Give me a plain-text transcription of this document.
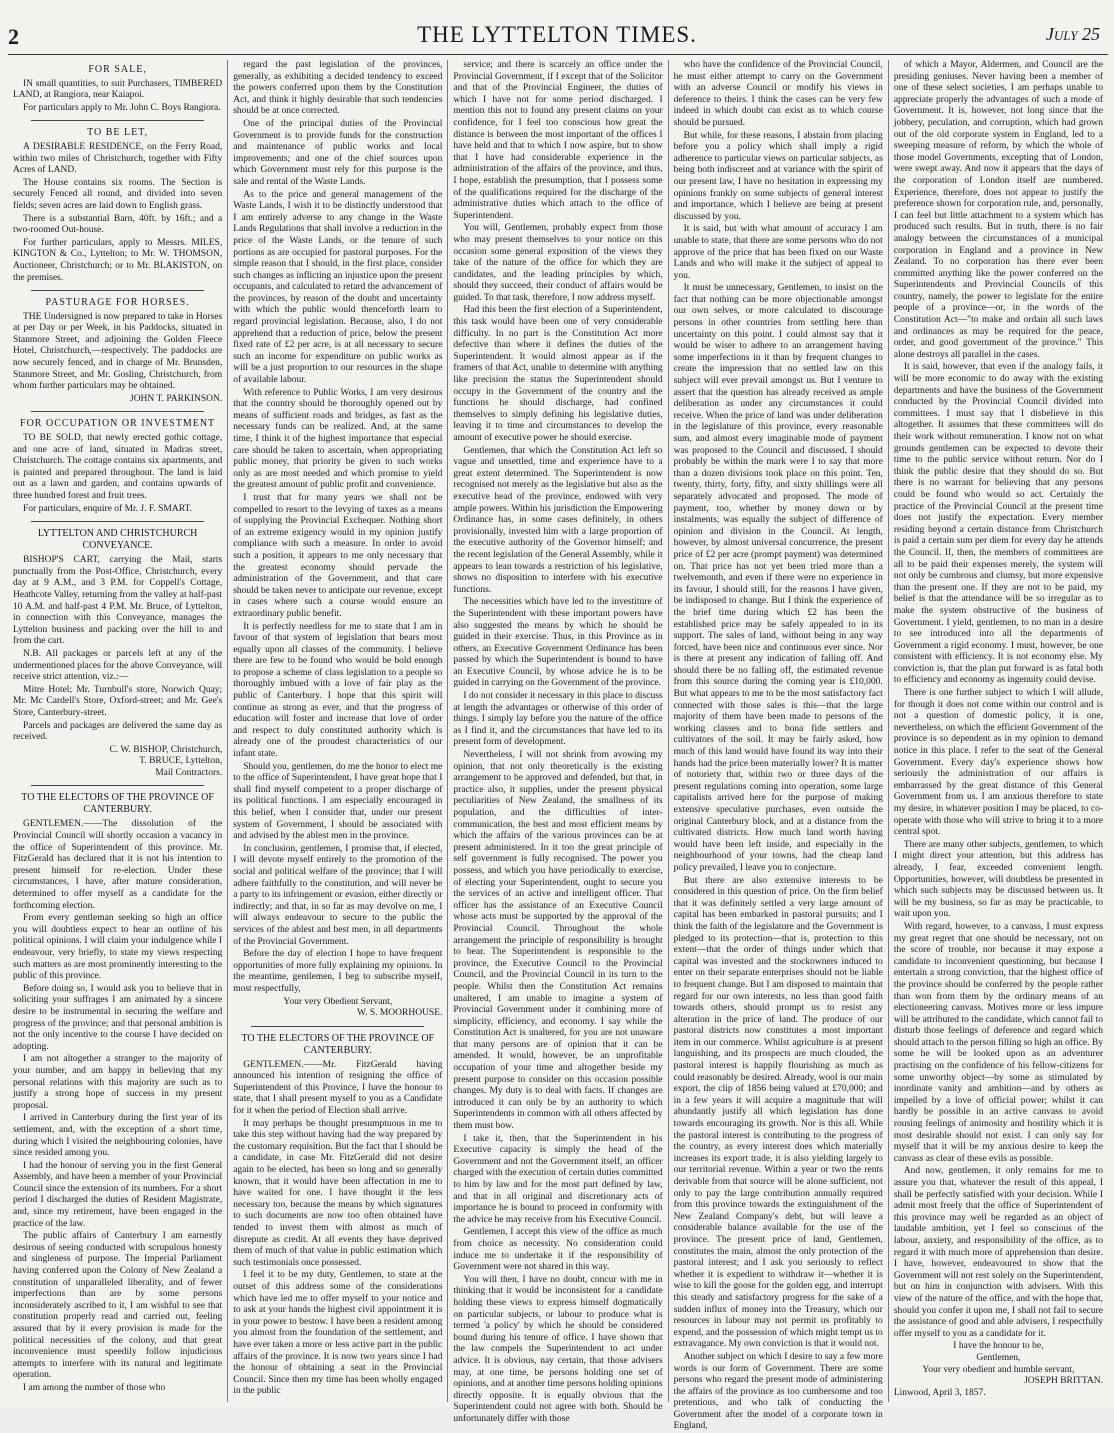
2	THE LYTTELTON TIMES.	July 25
FOR SALE,

IN small quantities, to suit Purchasers, TIMBERED LAND, at Rangiora, near Kaiapoi.

For particulars apply to Mr. John C. Boys Rangiora.

TO BE LET,

A DESIRABLE RESIDENCE, on the Ferry Road, within two miles of Christchurch, together with Fifty Acres of LAND.

The House contains six rooms. The Section is securely Fenced all round, and divided into seven fields; seven acres are laid down to English grass.

There is a substantial Barn, 40ft. by 16ft.; and a two-roomed Out-house.

For further particulars, apply to Messrs. MILES, KINGTON & Co., Lyttelton; to Mr. W. THOMSON, Auctioneer, Christchurch; or to Mr. BLAKISTON, on the premises.

PASTURAGE FOR HORSES.

THE Undersigned is now prepared to take in Horses at per Day or per Week, in his Paddocks, situated in Stanmore Street, and adjoining the Golden Fleece Hotel, Christchurch,—respectively. The paddocks are now securely fenced, and in charge of Mr. Brunsden, Stanmore Street, and Mr. Gosling, Christchurch, from whom further particulars may be obtained.

JOHN T. PARKINSON.
FOR OCCUPATION OR INVESTMENT

TO BE SOLD, that newly erected gothic cottage, and one acre of land, situated in Madras street, Christchurch. The cottage contains six apartments, and is painted and prepared throughout. The land is laid out as a lawn and garden, and contains upwards of three hundred forest and fruit trees.

For particulars, enquire of Mr. J. F. SMART.

LYTTELTON AND CHRISTCHURCH CONVEYANCE.

BISHOP'S CART, carrying the Mail, starts punctually from the Post-Office, Christchurch, every day at 9 A.M., and 3 P.M. for Coppell's Cottage, Heathcote Valley, returning from the valley at half-past 10 A.M. and half-past 4 P.M. Mr. Bruce, of Lyttelton, in connection with this Conveyance, manages the Lyttelton business and packing over the hill to and from the cart.

N.B. All packages or parcels left at any of the undermentioned places for the above Conveyance, will receive strict attention, viz.:—

Mitre Hotel; Mr. Turnbull's store, Norwich Quay; Mr. Mc Cardell's Store, Oxford-street; and Mr. Gee's Store, Canterbury-street.

Parcels and packages are delivered the same day as received.

C. W. BISHOP, Christchurch,
T. BRUCE, Lyttelton,
Mail Contractors.
TO THE ELECTORS OF THE PROVINCE OF CANTERBURY.

GENTLEMEN.——The dissolution of the Provincial Council will shortly occasion a vacancy in the office of Superintendent of this province. Mr. FitzGerald has declared that it is not his intention to present himself for re-election. Under these circumstances, I have, after mature consideration, determined to offer myself as a candidate for the forthcoming election.

From every gentleman seeking so high an office you will doubtless expect to hear an outline of his political opinions. I will claim your indulgence while I endeavour, very briefly, to state my views respecting such matters as are most prominently interesting to the public of this province.

Before doing so, I would ask you to believe that in soliciting your suffrages I am animated by a sincere desire to be instrumental in securing the welfare and progress of the province; and that personal ambition is not the only incentive to the course I have decided on adopting.

I am not altogether a stranger to the majority of your number, and am happy in believing that my personal relations with this majority are such as to justify a strong hope of success in my present proposal.

I arrived in Canterbury during the first year of its settlement, and, with the exception of a short time, during which I visited the neighbouring colonies, have since resided among you.

I had the honour of serving you in the first General Assembly, and have been a member of your Provincial Council since the extension of its numbers. For a short period I discharged the duties of Resident Magistrate, and, since my retirement, have been engaged in the practice of the law.

The public affairs of Canterbury I am earnestly desirous of seeing conducted with scrupulous honesty and singleness of purpose. The Imperial Parliament having conferred upon the Colony of New Zealand a constitution of unparalleled liberality, and of fewer imperfections than are by some persons inconsiderately ascribed to it, I am wishful to see that constitution properly read and carried out, feeling assured that by it every provision is made for the political necessities of the colony, and that great inconvenience must speedily follow injudicious attempts to interfere with its natural and legitimate operation.

I am among the number of those who

regard the past legislation of the provinces, generally, as exhibiting a decided tendency to exceed the powers conferred upon them by the Constitution Act, and think it highly desirable that such tendencies should be at once corrected.

One of the principal duties of the Provincial Government is to provide funds for the construction and maintenance of public works and local improvements; and one of the chief sources upon which Government must rely for this purpose is the sale and rental of the Waste Lands.

As to the price and general management of the Waste Lands, I wish it to be distinctly understood that I am entirely adverse to any change in the Waste Lands Regulations that shall involve a reduction in the price of the Waste Lands, or the tenure of such portions as are occupied for pastoral purposes. For the simple reason that I should, in the first place, consider such changes as inflicting an injustice upon the present occupants, and calculated to retard the advancement of the provinces, by reason of the doubt and uncertainty with which the public would thenceforth learn to regard provincial legislation. Because, also, I do not apprehend that a reduction of price, below the present fixed rate of £2 per acre, is at all necessary to secure such an income for expenditure on public works as will be a just proportion to our resources in the shape of available labour.

With reference to Public Works, I am very desirous that the country should be thoroughly opened out by means of sufficient roads and bridges, as fast as the necessary funds can be realized. And, at the same time, I think it of the highest importance that especial care should be taken to ascertain, when appropriating public money, that priority be given to such works only as are most needed and which promise to yield the greatest amount of public profit and convenience.

I trust that for many years we shall not be compelled to resort to the levying of taxes as a means of supplying the Provincial Exchequer. Nothing short of an extreme exigency would in my opinion justify compliance with such a measure. In order to avoid such a position, it appears to me only necessary that the greatest economy should pervade the administration of the Government, and that care should be taken never to anticipate our revenue, except in cases where such a course would ensure an extraordinary public benefit.

It is perfectly needless for me to state that I am in favour of that system of legislation that bears most equally upon all classes of the community. I believe there are few to be found who would be bold enough to propose a scheme of class legislation to a people so thoroughly imbued with a love of fair play as the public of Canterbury. I hope that this spirit will continue as strong as ever, and that the progress of education will foster and increase that love of order and respect to duly constituted authority which is already one of the proudest characteristics of our infant state.

Should you, gentlemen, do me the honor to elect me to the office of Superintendent, I have great hope that I shall find myself competent to a proper discharge of its political functions. I am especially encouraged in this belief, when I consider that, under our present system of Government, I should be associated with and advised by the ablest men in the province.

In conclusion, gentlemen, I promise that, if elected, I will devote myself entirely to the promotion of the social and political welfare of the province; that I will adhere faithfully to the constitution, and will never be a party to its infringement or evasion, either directly or indirectly; and that, in so far as may devolve on me, I will always endeavour to secure to the public the services of the ablest and best men, in all departments of the Provincial Government.

Before the day of election I hope to have frequent opportunities of more fully explaining my opinions. In the meantime, gentlemen, I beg to subscribe myself, most respectfully,

Your very Obedient Servant,
W. S. MOORHOUSE.
TO THE ELECTORS OF THE PROVINCE OF CANTERBURY.

GENTLEMEN.——Mr. FitzGerald having announced his intention of resigning the office of Superintendent of this Province, I have the honour to state, that I shall present myself to you as a Candidate for it when the period of Election shall arrive.

It may perhaps be thought presumptuous in me to take this step without having had the way prepared by the customary requisition. But the fact that I should be a candidate, in case Mr. FitzGerald did not desire again to be elected, has been so long and so generally known, that it would have been affectation in me to have waited for one. I have thought it the less necessary too, because the means by which signatures to such documents are now too often obtained have tended to invest them with almost as much of disrepute as credit. At all events they have deprived them of much of that value in public estimation which such testimonials once possessed.

I feel it to be my duty, Gentlemen, to state at the outset of this address some of the considerations which have led me to offer myself to your notice and to ask at your hands the highest civil appointment it is in your power to bestow. I have been a resident among you almost from the foundation of the settlement, and have ever taken a more or less active part in the public affairs of the province. It is now two years since I had the honour of obtaining a seat in the Provincial Council. Since then my time has been wholly engaged in the public

service; and there is scarcely an office under the Provincial Government, if I except that of the Solicitor and that of the Provincial Engineer, the duties of which I have not for some period discharged. I mention this not to found any present claims on your confidence, for I feel too conscious how great the distance is between the most important of the offices I have held and that to which I now aspire, but to show that I have had considerable experience in the administration of the affairs of the province, and thus, I hope, establish the presumption, that I possess some of the qualifications required for the discharge of the administrative duties which attach to the office of Superintendent.

You will, Gentlemen, probably expect from those who may present themselves to your notice on this occasion some general exposition of the views they take of the nature of the office for which they are candidates, and the leading principles by which, should they succeed, their conduct of affairs would be guided. To that task, therefore, I now address myself.

Had this been the first election of a Superintendent, this task would have been one of very considerable difficulty. In no part is the Constitution Act more defective than where it defines the duties of the Superintendent. It would almost appear as if the framers of that Act, unable to determine with anything like precision the status the Superintendent should occupy in the Government of the country and the functions he should discharge, had confined themselves to simply defining his legislative duties, leaving it to time and circumstances to develop the amount of executive power he should exercise.

Gentlemen, that which the Constitution Act left so vague and unsettled, time and experience have to a great extent determined. The Superintendent is now recognised not merely as the legislative but also as the executive head of the province, endowed with very ample powers. Within his jurisdiction the Empowering Ordinance has, in some cases definitely, in others provisionally, invested him with a large proportion of the executive authority of the Governor himself; and the recent legislation of the General Assembly, while it appears to lean towards a restriction of his legislative, shows no disposition to interfere with his executive functions.

The necessities which have led to the investiture of the Superintendent with these important powers have also suggested the means by which he should be guided in their exercise. Thus, in this Province as in others, an Executive Government Ordinance has been passed by which the Superintendent is bound to have an Executive Council, by whose advice he is to be guided in carrying on the Government of the province.

I do not consider it necessary in this place to discuss at length the advantages or otherwise of this order of things. I simply lay before you the nature of the office as I find it, and the circumstances that have led to its present form of development.

Nevertheless, I will not shrink from avowing my opinion, that not only theoretically is the existing arrangement to be approved and defended, but that, in practice also, it supplies, under the present physical peculiarities of New Zealand, the smallness of its population, and the difficulties of inter-communication, the best and most efficient means by which the affairs of the various provinces can be at present administered. In it too the great principle of self government is fully recognised. The power you possess, and which you have periodically to exercise, of electing your Superintendent, ought to secure you the services of an active and intelligent officer. That officer has the assistance of an Executive Council whose acts must be supported by the approval of the Provincial Council. Throughout the whole arrangement the principle of responsibility is brought to bear. The Superintendent is responsible to the province, the Executive Council to the Provincial Council, and the Provincial Council in its turn to the people. Whilst then the Constitution Act remains unaltered, I am unable to imagine a system of Provincial Government under it combining more of simplicity, efficiency, and economy. I say while the Constitution Act is unaltered, for you are not unaware that many persons are of opinion that it can be amended. It would, however, be an unprofitable occupation of your time and altogether beside my present purpose to consider on this occasion possible changes. My duty is to deal with facts. If changes are introduced it can only be by an authority to which Superintendents in common with all others affected by them must bow.

I take it, then, that the Superintendent in his Executive capacity is simply the head of the Government and not the Government itself, an officer charged with the execution of certain duties committed to him by law and for the most part defined by law, and that in all original and discretionary acts of importance he is bound to proceed in conformity with the advice he may receive from his Executive Council.

Gentlemen, I accept this view of the office as much from choice as necessity. No consideration could induce me to undertake it if the responsibility of Government were not shared in this way.

You will then, I have no doubt, concur with me in thinking that it would be inconsistent for a candidate holding these views to express himself dogmatically on particular subjects, or labour to produce what is termed 'a policy' by which he should be considered bound during his tenure of office. I have shown that the law compels the Superintendent to act under advice. It is obvious, nay certain, that those advisers may, at one time, be persons holding one set of opinions, and at another time persons holding opinions directly opposite. It is equally obvious that the Superintendent could not agree with both. Should he unfortunately differ with those

who have the confidence of the Provincial Council, he must either attempt to carry on the Government with an adverse Council or modify his views in deference to theirs. I think the cases can be very few indeed in which doubt can exist as to which course should be pursued.

But while, for these reasons, I abstain from placing before you a policy which shall imply a rigid adherence to particular views on particular subjects, as being both indiscreet and at variance with the spirit of our present law, I have no hesitation in expressing my opinions frankly on some subjects of general interest and importance, which I believe are being at present discussed by you.

It is said, but with what amount of accuracy I am unable to state, that there are some persons who do not approve of the price that has been fixed on our Waste Lands and who will make it the subject of appeal to you.

It must be unnecessary, Gentlemen, to insist on the fact that nothing can be more objectionable amongst our own selves, or more calculated to discourage persons in other countries from settling here than uncertainty on this point. I could almost say that it would be wiser to adhere to an arrangement having some imperfections in it than by frequent changes to create the impression that no settled law on this subject will ever prevail amongst us. But I venture to assert that the question has already received as ample deliberation as under any circumstances it could receive. When the price of land was under deliberation in the legislature of this province, every reasonable sum, and almost every imaginable mode of payment was proposed to the Council and discussed. I should probably be within the mark were I to say that more than a dozen divisions took place on this point. Ten, twenty, thirty, forty, fifty, and sixty shillings were all separately advocated and proposed. The mode of payment, too, whether by money down or by instalments, was equally the subject of difference of opinion and division in the Council. At length, however, by almost universal concurrence, the present price of £2 per acre (prompt payment) was determined on. That price has not yet been tried more than a twelvemonth, and even if there were no experience in its favour, I should still, for the reasons I have given, be indisposed to change. But I think the experience of the brief time during which £2 has been the established price may be safely appealed to in its support. The sales of land, without being in any way forced, have been nice and continuous ever since. Nor is there at present any indication of falling off. And should there be no falling off, the estimated revenue from this source during the coming year is £10,000. But what appears to me to be the most satisfactory fact connected with those sales is this—that the large majority of them have been made to persons of the working classes and to bona fide settlers and cultivators of the soil. It may be fairly asked, how much of this land would have found its way into their hands had the price been materially lower? It is matter of notoriety that, within two or three days of the present regulations coming into operation, some large capitalists arrived here for the purpose of making extensive speculative purchases, even outside the original Canterbury block, and at a distance from the cultivated districts. How much land worth having would have been left inside, and especially in the neighbourhood of your towns, had the cheap land policy prevailed, I leave you to conjecture.

But there are also extensive interests to be considered in this question of price. On the firm belief that it was definitely settled a very large amount of capital has been embarked in pastoral pursuits; and I think the faith of the legislature and the Government is pledged to its protection—that is, protection to this extent—that the order of things under which that capital was invested and the stockowners induced to enter on their separate enterprises should not be liable to frequent change. But I am disposed to maintain that regard for our own interests, no less than good faith towards others, should prompt us to resist any alteration in the price of land. The produce of our pastoral districts now constitutes a most important item in our commerce. Whilst agriculture is at present languishing, and its prospects are much clouded, the pastoral interest is happily flourishing as much as could reasonably be desired. Already, wool is our main export, the clip of 1856 being valued at £70,000; and in a few years it will acquire a magnitude that will abundantly justify all which legislation has done towards encouraging its growth. Nor is this all. While the pastoral interest is contributing to the progress of the country, as every interest does which materially increases its export trade, it is also yielding largely to our territorial revenue. Within a year or two the rents derivable from that source will be alone sufficient, not only to pay the large contribution annually required from this province towards the extinguishment of the New Zealand Company's debt, but will leave a considerable balance available for the use of the province. The present price of land, Gentlemen, constitutes the main, almost the only protection of the pastoral interest; and I ask you seriously to reflect whether it is expedient to withdraw it—whether it is wise to kill the goose for the golden egg, and interrupt this steady and satisfactory progress for the sake of a sudden influx of money into the Treasury, which our resources in labour may not permit us profitably to expend, and the possession of which might tempt us to extravagance. My own conviction is that it would not.

Another subject on which I desire to say a few more words is our form of Government. There are some persons who regard the present mode of administering the affairs of the province as too cumbersome and too pretentious, and who talk of conducting the Government after the model of a corporate town in England,

of which a Mayor, Aldermen, and Council are the presiding geniuses. Never having been a member of one of these select societies, I am perhaps unable to appreciate properly the advantages of such a mode of Government. It is, however, not long since that the jobbery, peculation, and corruption, which had grown out of the old corporate system in England, led to a sweeping measure of reform, by which the whole of those model Governments, excepting that of London, were swept away. And now it appears that the days of the corporation of London itself are numbered. Experience, therefore, does not appear to justify the preference shown for corporation rule, and, personally, I can feel but little attachment to a system which has produced such results. But in truth, there is no fair analogy between the circumstances of a municipal corporation in England and a province in New Zealand. To no corporation has there ever been committed anything like the power conferred on the Superintendents and Provincial Councils of this country, namely, the power to legislate for the entire people of a province—or, in the words of the Constitution Act—"to make and ordain all such laws and ordinances as may be required for the peace, order, and good government of the province." This alone destroys all parallel in the cases.

It is said, however, that even if the analogy fails, it will be more economic to do away with the existing departments and have the business of the Government conducted by the Provincial Council divided into committees. I must say that I disbelieve in this altogether. It assumes that these committees will do their work without remuneration. I know not on what grounds gentlemen can be expected to devote their time to the public service without return. Nor do I think the public desire that they should do so. But there is no warrant for believing that any persons could be found who would so act. Certainly the practice of the Provincial Council at the present time does not justify the expectation. Every member residing beyond a certain distance from Christchurch is paid a certain sum per diem for every day he attends the Council. If, then, the members of committees are all to be paid their expenses merely, the system will not only be cumbrous and clumsy, but more expensive than the present one. If they are not to be paid, my belief is that the attendance will be so irregular as to make the system obstructive of the business of Government. I yield, gentlemen, to no man in a desire to see introduced into all the departments of Government a rigid economy. I must, however, be one consistent with efficiency. It is not economy else. My conviction is, that the plan put forward is as fatal both to efficiency and economy as ingenuity could devise.

There is one further subject to which I will allude, for though it does not come within our control and is not a question of domestic policy, it is one, nevertheless, on which the efficient Government of the province is so dependent as in my opinion to demand notice in this place. I refer to the seat of the General Government. Every day's experience shows how seriously the administration of our affairs is embarrassed by the great distance of this General Government from us. I am anxious therefore to state my desire, in whatever position I may be placed, to co-operate with those who will strive to bring it to a more central spot.

There are many other subjects, gentlemen, to which I might direct your attention, but this address has already, I fear, exceeded convenient length. Opportunities, however, will doubtless be presented in which such subjects may be discussed between us. It will be my business, so far as may be practicable, to wait upon you.

With regard, however, to a canvass, I must express my great regret that one should be necessary, not on the score of trouble, nor because it may expose a candidate to inconvenient questioning, but because I entertain a strong conviction, that the highest office of the province should be conferred by the people rather than won from them by the ordinary means of an electioneering canvass. Motives more or less impure will be attributed to the candidate, which cannot fail to disturb those feelings of deference and regard which should attach to the person filling so high an office. By some he will be looked upon as an adventurer practising on the confidence of his fellow-citizens for some unworthy object—by some as stimulated by inordinate vanity and ambition—and by others as impelled by a love of official power; whilst it can hardly be possible in an active canvass to avoid rousing feelings of animosity and hostility which it is most desirable should not exist. I can only say for myself that it will be my anxious desire to keep the canvass as clear of these evils as possible.

And now, gentlemen, it only remains for me to assure you that, whatever the result of this appeal, I shall be perfectly satisfied with your decision. While I admit most freely that the office of Superintendent of this province may well be regarded as an object of laudable ambition, yet I feel so conscious of the labour, anxiety, and responsibility of the office, as to regard it with much more of apprehension than desire. I have, however, endeavoured to show that the Government will not rest solely on the Superintendent, but on him in conjunction with advisers. With this view of the nature of the office, and with the hope that, should you confer it upon me, I shall not fail to secure the assistance of good and able advisers, I respectfully offer myself to you as a candidate for it.

I have the honour to be,
Gentlemen,
Your very obedient and humble servant,
JOSEPH BRITTAN.
Linwood, April 3, 1857.
